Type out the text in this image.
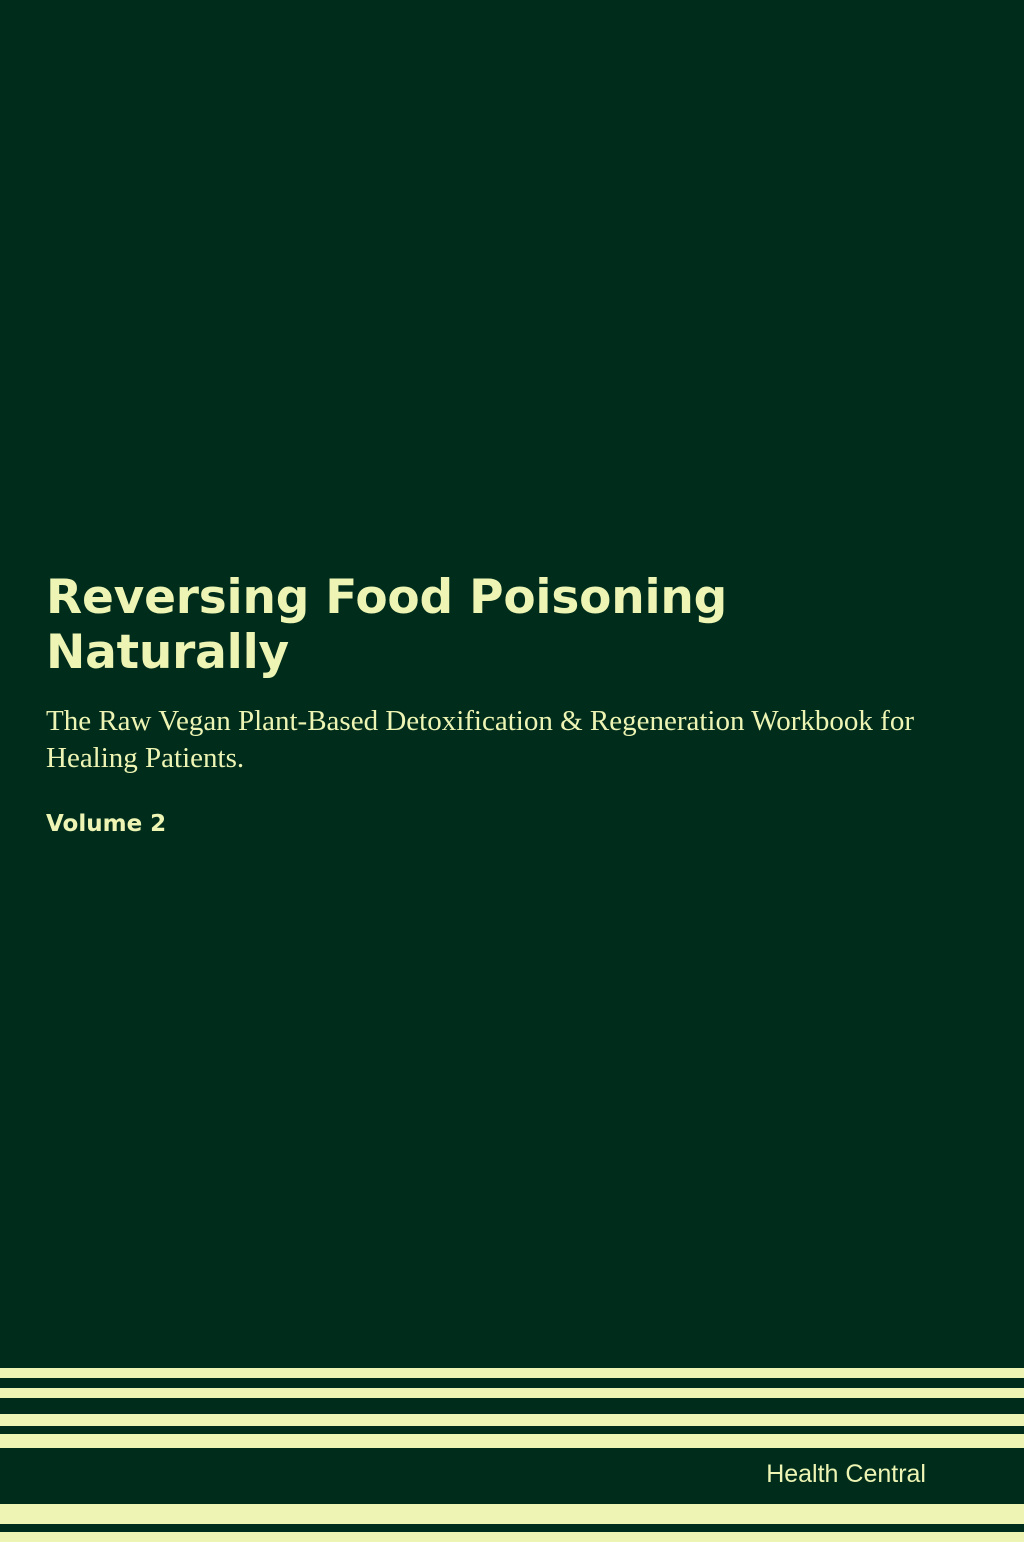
Reversing Food Poisoning Naturally

The Raw Vegan Plant-Based Detoxification & Regeneration Workbook for Healing Patients.

Volume 2

Health Central
